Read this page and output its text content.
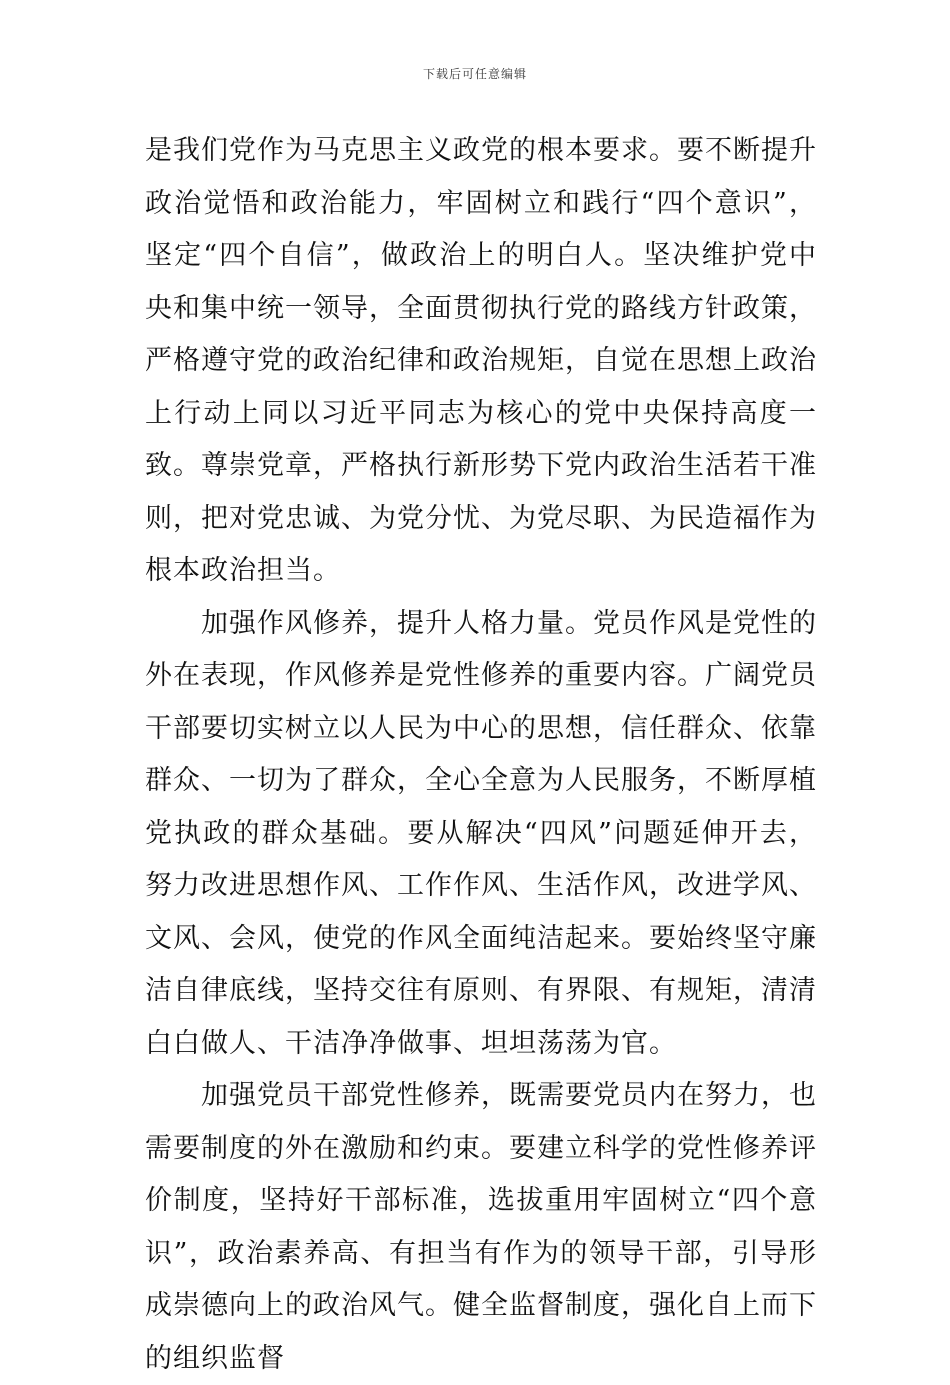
下载后可任意编辑

是我们党作为马克思主义政党的根本要求。要不断提升政治觉悟和政治能力，牢固树立和践行“四个意识”，坚定“四个自信”，做政治上的明白人。坚决维护党中央和集中统一领导，全面贯彻执行党的路线方针政策，严格遵守党的政治纪律和政治规矩，自觉在思想上政治上行动上同以习近平同志为核心的党中央保持高度一致。尊崇党章，严格执行新形势下党内政治生活若干准则，把对党忠诚、为党分忧、为党尽职、为民造福作为根本政治担当。

加强作风修养，提升人格力量。党员作风是党性的外在表现，作风修养是党性修养的重要内容。广阔党员干部要切实树立以人民为中心的思想，信任群众、依靠群众、一切为了群众，全心全意为人民服务，不断厚植党执政的群众基础。要从解决“四风”问题延伸开去，努力改进思想作风、工作作风、生活作风，改进学风、文风、会风，使党的作风全面纯洁起来。要始终坚守廉洁自律底线，坚持交往有原则、有界限、有规矩，清清白白做人、干洁净净做事、坦坦荡荡为官。

加强党员干部党性修养，既需要党员内在努力，也需要制度的外在激励和约束。要建立科学的党性修养评价制度，坚持好干部标准，选拔重用牢固树立“四个意识”，政治素养高、有担当有作为的领导干部，引导形成崇德向上的政治风气。健全监督制度，强化自上而下的组织监督
